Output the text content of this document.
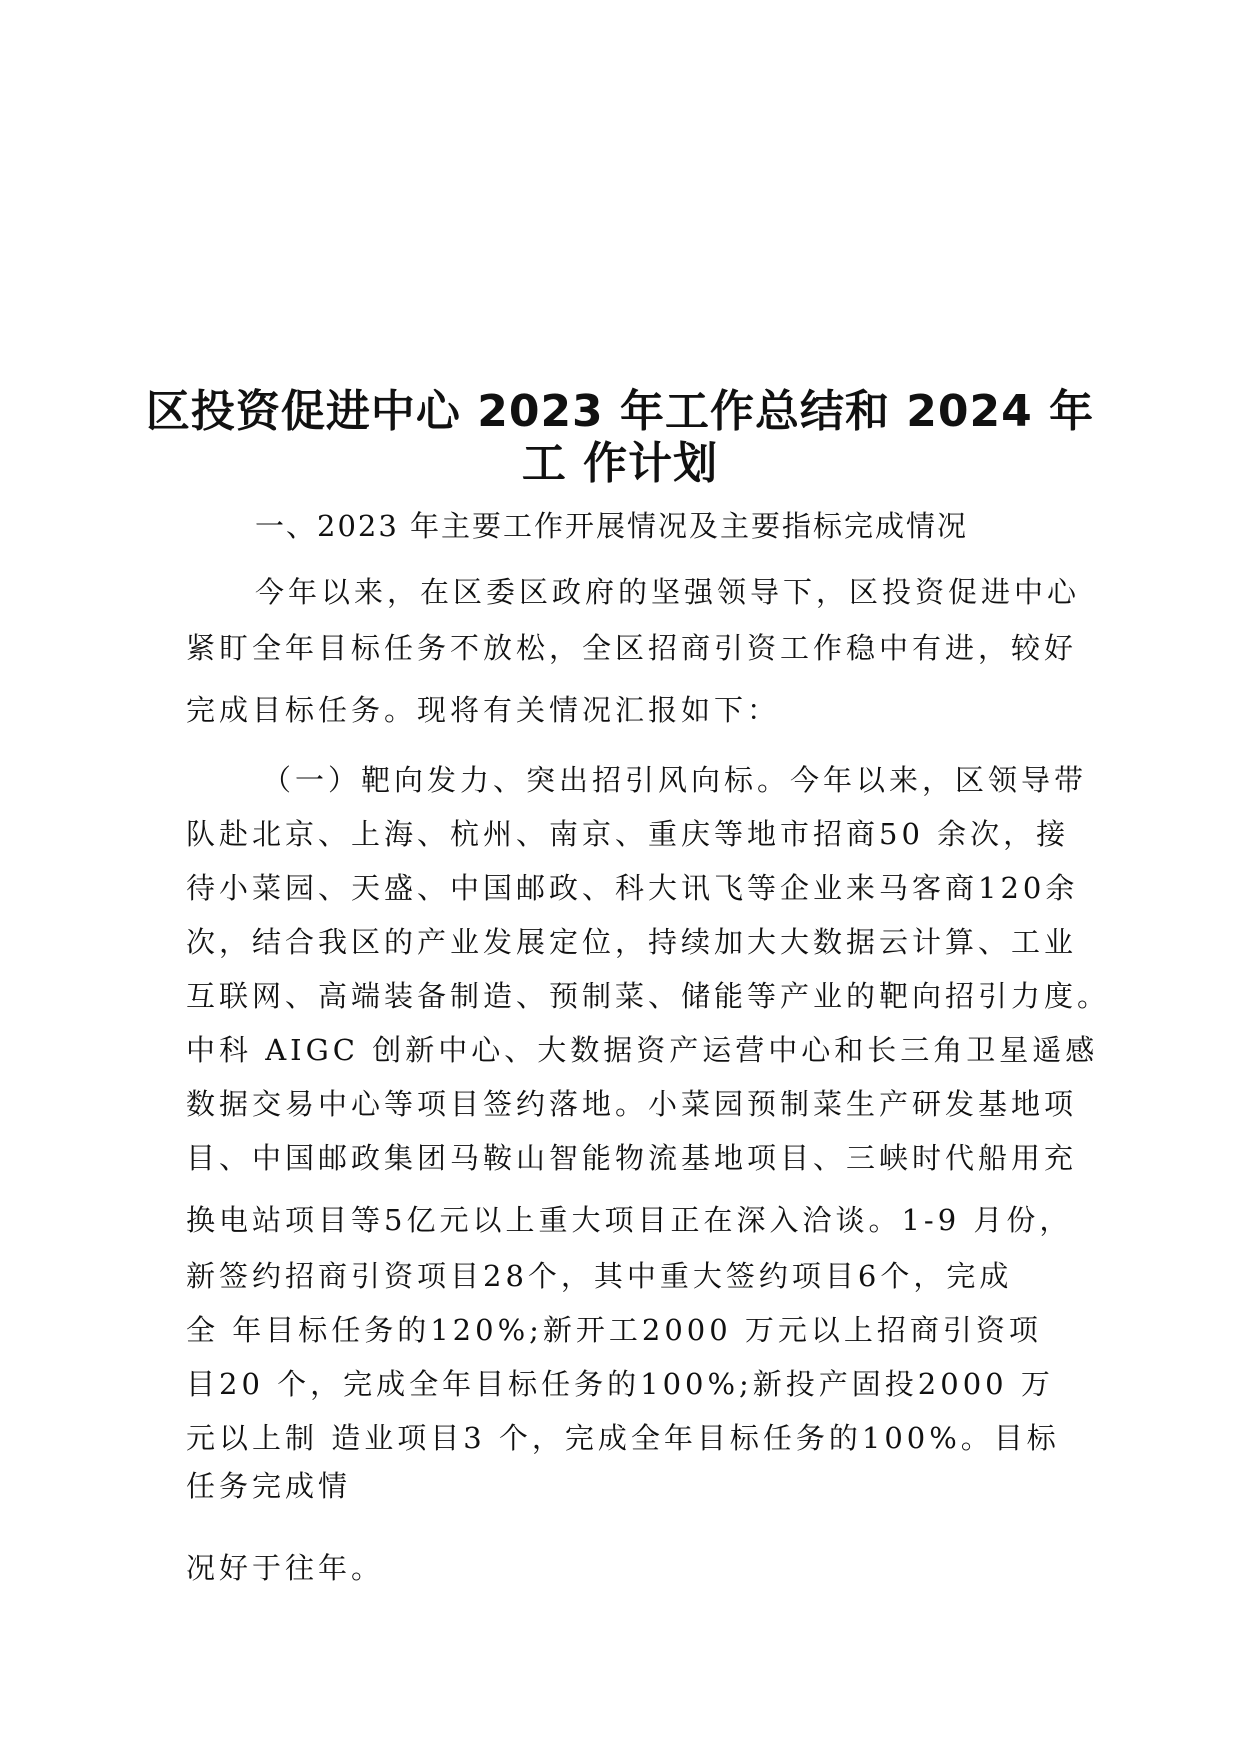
区投资促进中心 2023 年工作总结和 2024 年
工 作计划
一、2023 年主要工作开展情况及主要指标完成情况
今年以来，在区委区政府的坚强领导下，区投资促进中心
紧盯全年目标任务不放松，全区招商引资工作稳中有进，较好
完成目标任务。现将有关情况汇报如下：
（一）靶向发力、突出招引风向标。今年以来，区领导带
队赴北京、上海、杭州、南京、重庆等地市招商50 余次，接
待小菜园、天盛、中国邮政、科大讯飞等企业来马客商120余
次，结合我区的产业发展定位，持续加大大数据云计算、工业
互联网、高端装备制造、预制菜、储能等产业的靶向招引力度。
中科 AIGC 创新中心、大数据资产运营中心和长三角卫星遥感
数据交易中心等项目签约落地。小菜园预制菜生产研发基地项
目、中国邮政集团马鞍山智能物流基地项目、三峡时代船用充
换电站项目等5亿元以上重大项目正在深入洽谈。1-9 月份，
新签约招商引资项目28个，其中重大签约项目6个，完成
全 年目标任务的120%;新开工2000 万元以上招商引资项
目20 个，完成全年目标任务的100%;新投产固投2000 万
元以上制 造业项目3 个，完成全年目标任务的100%。目标
任务完成情
况好于往年。
